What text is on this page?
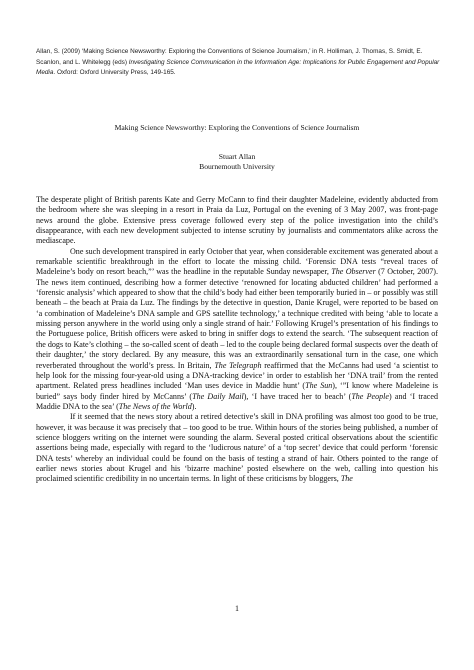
Allan, S. (2009) ‘Making Science Newsworthy: Exploring the Conventions of Science Journalism,’ in R. Holliman, J. Thomas, S. Smidt, E. Scanlon, and L. Whitelegg (eds) Investigating Science Communication in the Information Age: Implications for Public Engagement and Popular Media. Oxford: Oxford University Press, 149-165.
Making Science Newsworthy: Exploring the Conventions of Science Journalism
Stuart Allan
Bournemouth University

The desperate plight of British parents Kate and Gerry McCann to find their daughter Madeleine, evidently abducted from the bedroom where she was sleeping in a resort in Praia da Luz, Portugal on the evening of 3 May 2007, was front-page news around the globe. Extensive press coverage followed every step of the police investigation into the child’s disappearance, with each new development subjected to intense scrutiny by journalists and commentators alike across the mediascape.

One such development transpired in early October that year, when considerable excitement was generated about a remarkable scientific breakthrough in the effort to locate the missing child. ‘Forensic DNA tests “reveal traces of Madeleine’s body on resort beach,”’ was the headline in the reputable Sunday newspaper, The Observer (7 October, 2007). The news item continued, describing how a former detective ‘renowned for locating abducted children’ had performed a ‘forensic analysis’ which appeared to show that the child’s body had either been temporarily buried in – or possibly was still beneath – the beach at Praia da Luz. The findings by the detective in question, Danie Krugel, were reported to be based on ‘a combination of Madeleine’s DNA sample and GPS satellite technology,’ a technique credited with being ‘able to locate a missing person anywhere in the world using only a single strand of hair.’ Following Krugel’s presentation of his findings to the Portuguese police, British officers were asked to bring in sniffer dogs to extend the search. ‘The subsequent reaction of the dogs to Kate’s clothing – the so-called scent of death – led to the couple being declared formal suspects over the death of their daughter,’ the story declared. By any measure, this was an extraordinarily sensational turn in the case, one which reverberated throughout the world’s press. In Britain, The Telegraph reaffirmed that the McCanns had used ‘a scientist to help look for the missing four-year-old using a DNA-tracking device’ in order to establish her ‘DNA trail’ from the rented apartment. Related press headlines included ‘Man uses device in Maddie hunt’ (The Sun), ‘”I know where Madeleine is buried” says body finder hired by McCanns’ (The Daily Mail), ‘I have traced her to beach’ (The People) and ‘I traced Maddie DNA to the sea’ (The News of the World).

If it seemed that the news story about a retired detective’s skill in DNA profiling was almost too good to be true, however, it was because it was precisely that – too good to be true. Within hours of the stories being published, a number of science bloggers writing on the internet were sounding the alarm. Several posted critical observations about the scientific assertions being made, especially with regard to the ‘ludicrous nature’ of a ‘top secret’ device that could perform ‘forensic DNA tests’ whereby an individual could be found on the basis of testing a strand of hair. Others pointed to the range of earlier news stories about Krugel and his ‘bizarre machine’ posted elsewhere on the web, calling into question his proclaimed scientific credibility in no uncertain terms. In light of these criticisms by bloggers, The

1
